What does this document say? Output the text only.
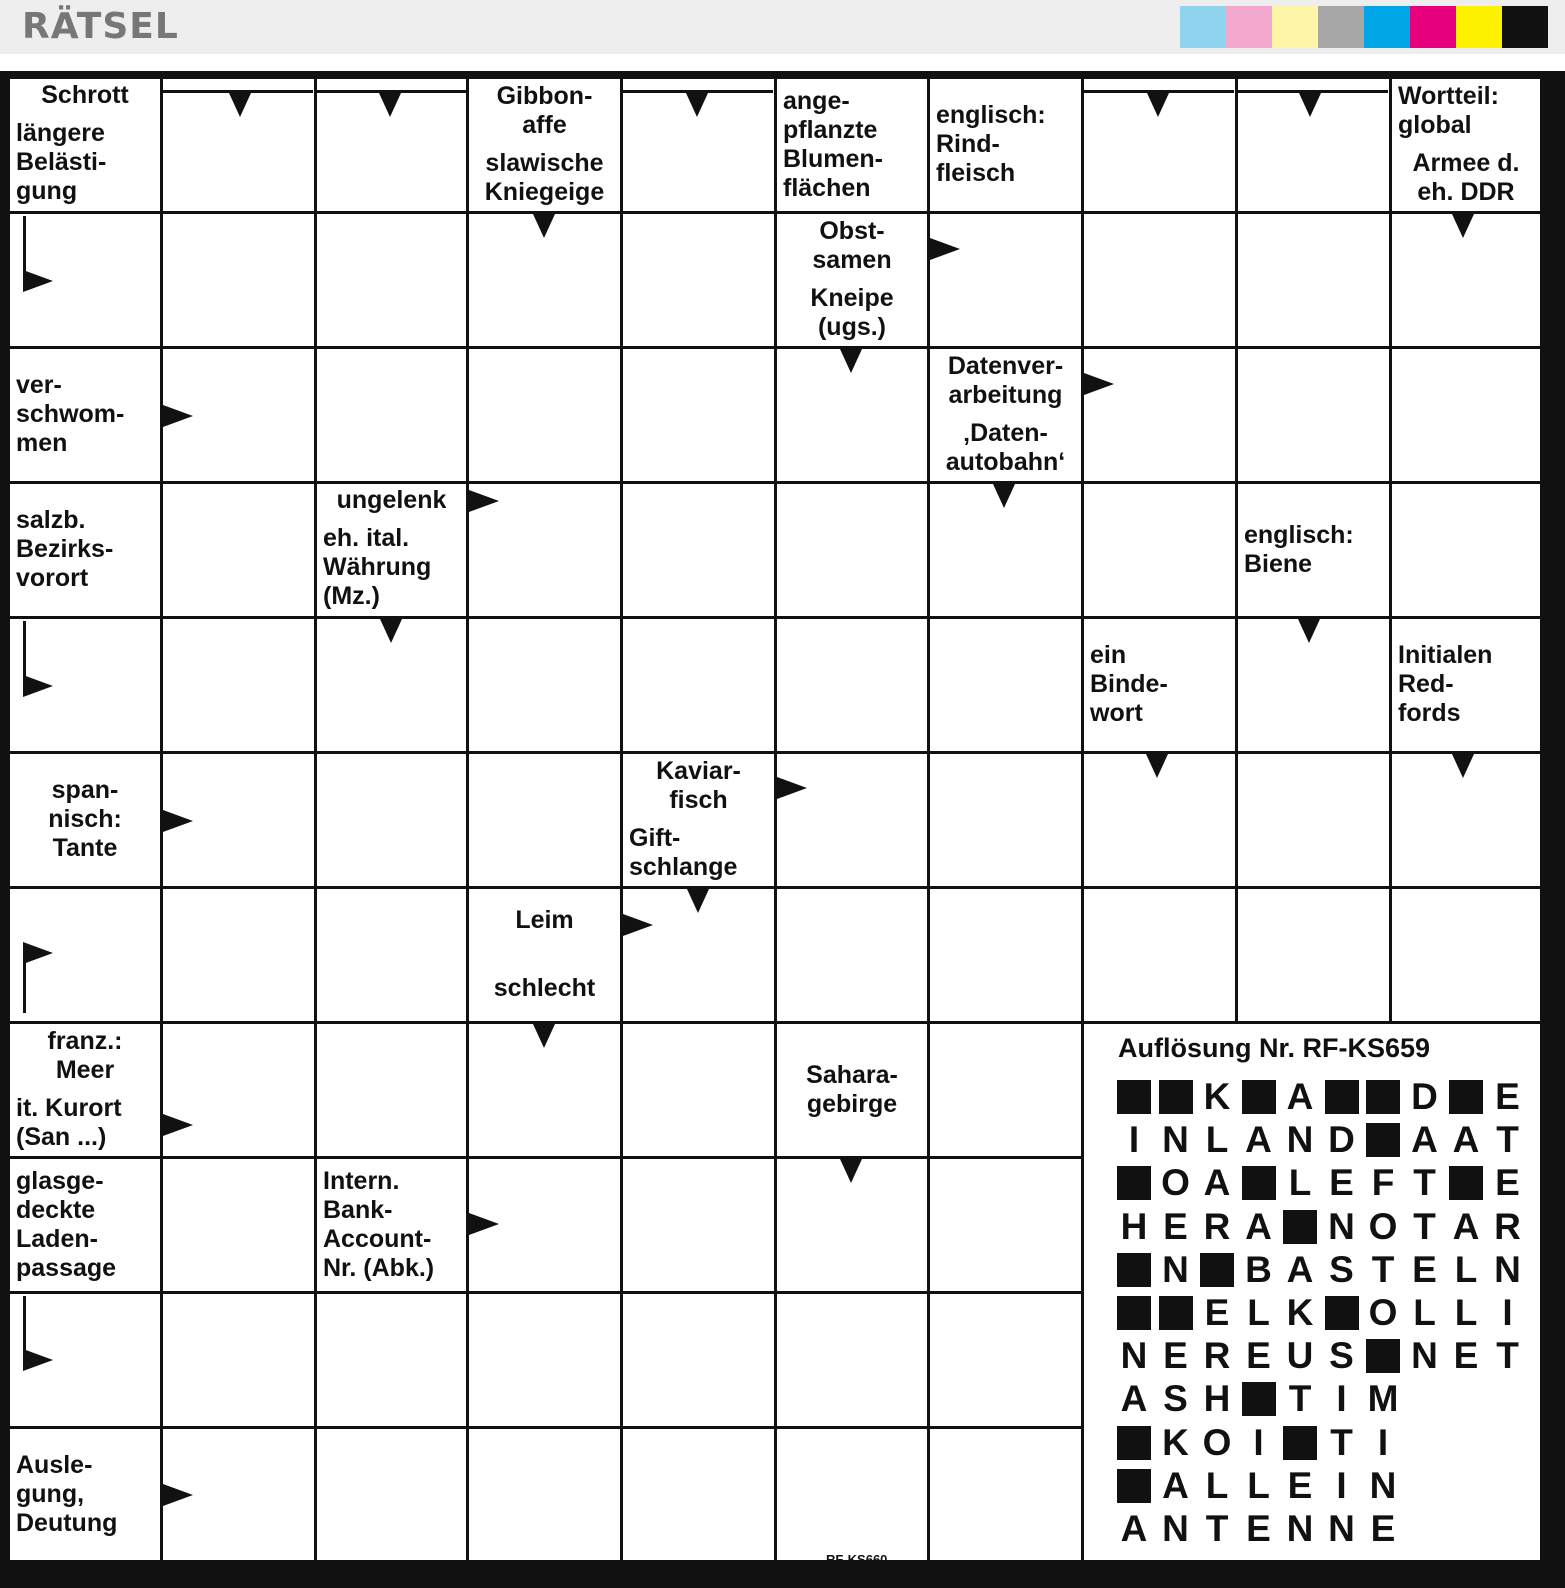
RÄTSEL
Schrott
längere
Belästi-
gung
Gibbon-
affe
slawische
Kniegeige
ange-
pflanzte
Blumen-
flächen
englisch:
Rind-
fleisch
Wortteil:
global
Armee d.
eh. DDR
Obst-
samen
Kneipe
(ugs.)
ver-
schwom-
men
Datenver-
arbeitung
‚Daten-
autobahn‘
salzb.
Bezirks-
vorort
ungelenk
eh. ital.
Währung
(Mz.)
englisch:
Biene
ein
Binde-
wort
Initialen
Red-
fords
span-
nisch:
Tante
Kaviar-
fisch
Gift-
schlange
Leim
schlecht
franz.:
Meer
it. Kurort
(San ...)
Sahara-
gebirge
glasge-
deckte
Laden-
passage
Intern.
Bank-
Account-
Nr. (Abk.)
Ausle-
gung,
Deutung
Auflösung Nr. RF-KS659
K A	D E
I N L A N D A A T
O A L E F T E
H E R A N O T A R
N B A S T E L N
E L K O L L I
N E R E U S N E T
A S H T I M
K O I	T I
A L L E I N
A N T E N N E
RF-KS660
